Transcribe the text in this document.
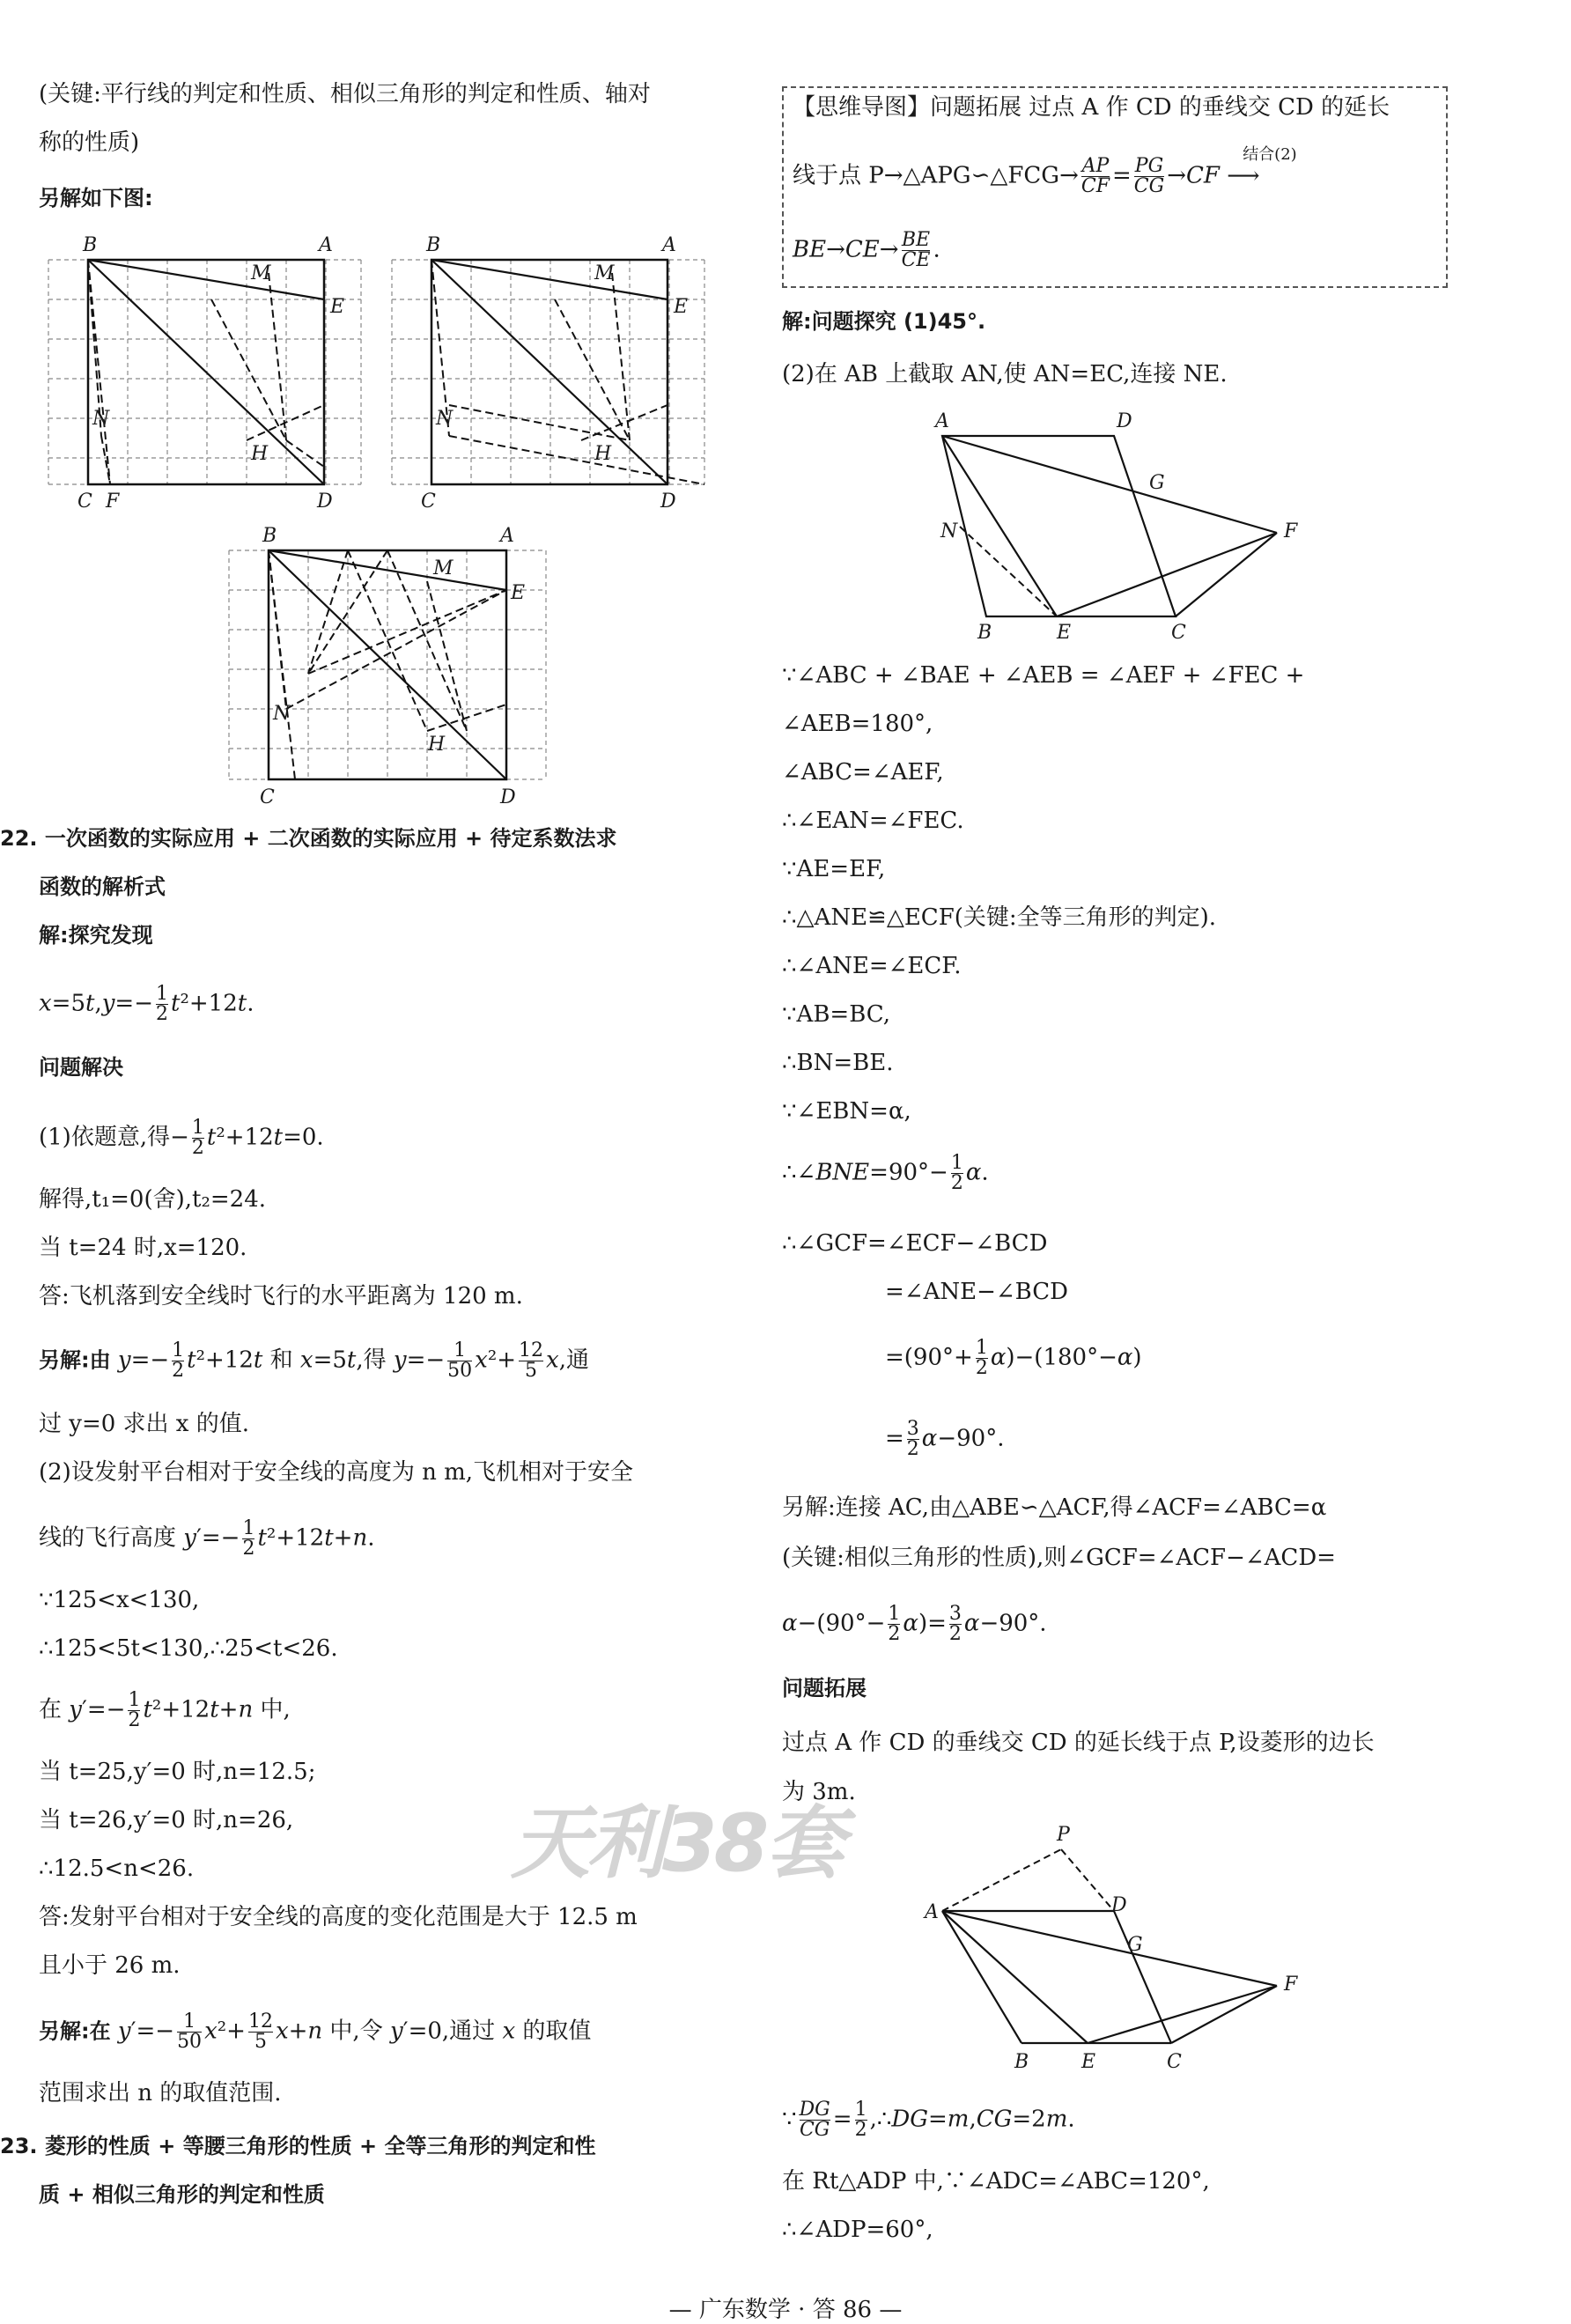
(关键:平行线的判定和性质、相似三角形的判定和性质、轴对
称的性质)
另解如下图:
B	A
M
E
N
H
C F	D
B	A
M
E
N
H
C	D
B	A
M
E
N
H
C	D
22. 一次函数的实际应用 + 二次函数的实际应用 + 待定系数法求
函数的解析式
解:探究发现
$x=5t,y=- \frac{1}{2} t^2+12t$.
问题解决
(1)依题意,得− $\frac{1}{2} t^2+12t=0$.
解得,t₁=0(舍),t₂=24.
当 t=24 时,x=120.
答:飞机落到安全线时飞行的水平距离为 120 m.
另解:由 $y=- \frac{1}{2} t^2+12t$ 和 x=5t,得 $y=- \frac{1}{50} x^2+ \frac{12}{5} x$,通
过 y=0 求出 x 的值.
(2)设发射平台相对于安全线的高度为 n m,飞机相对于安全
线的飞行高度 $y'=- \frac{1}{2} t^2+12t+n$.
∵125<x<130,
∴125<5t<130,∴25<t<26.
在 $y'=- \frac{1}{2} t^2+12t+n$ 中,
当 t=25,y′=0 时,n=12.5;
当 t=26,y′=0 时,n=26,
∴12.5<n<26.
答:发射平台相对于安全线的高度的变化范围是大于 12.5 m
且小于 26 m.
另解:在 $y'=- \frac{1}{50} x^2+ \frac{12}{5} x+n$ 中,令 y′=0,通过 x 的取值
范围求出 n 的取值范围.
23. 菱形的性质 + 等腰三角形的性质 + 全等三角形的判定和性
质 + 相似三角形的判定和性质
天利38套
【思维导图】问题拓展 过点 A 作 CD 的垂线交 CD 的延长
线于点 P→△APG∽△FCG→ $\frac{AP}{CF} = \frac{PG}{CG} \to CF$
结合(2)
⟶
$BE\to CE\to \frac{BE}{CE}$ .
解:问题探究 (1)45°.
(2)在 AB 上截取 AN,使 AN=EC,连接 NE.
A	D
G
F
N
B	E	C
∵∠ABC + ∠BAE + ∠AEB = ∠AEF + ∠FEC +
∠AEB=180°,
∠ABC=∠AEF,
∴∠EAN=∠FEC.
∵AE=EF,
∴△ANE≌△ECF(关键:全等三角形的判定).
∴∠ANE=∠ECF.
∵AB=BC,
∴BN=BE.
∵∠EBN=α,
∴∠BNE=90°− $\frac{1}{2} \alpha$.
∴∠GCF=∠ECF−∠BCD
=∠ANE−∠BCD
$=(90^\circ+ \frac{1}{2} \alpha)-(180^\circ-\alpha)$
= $\frac{3}{2} \alpha-90^\circ$.
另解:连接 AC,由△ABE∽△ACF,得∠ACF=∠ABC=α
(关键:相似三角形的性质),则∠GCF=∠ACF−∠ACD=
$\alpha-(90^\circ- \frac{1}{2} \alpha)= \frac{3}{2} \alpha-90^\circ$.
问题拓展
过点 A 作 CD 的垂线交 CD 的延长线于点 P,设菱形的边长
为 3m.
A
P
D
G
F
B	E	C
∵ $\frac{DG}{CG} = \frac{1}{2}$ ,∴DG=m,CG=2m.
在 Rt△ADP 中,∵∠ADC=∠ABC=120°,
∴∠ADP=60°,
— 广东数学 · 答 86 —
